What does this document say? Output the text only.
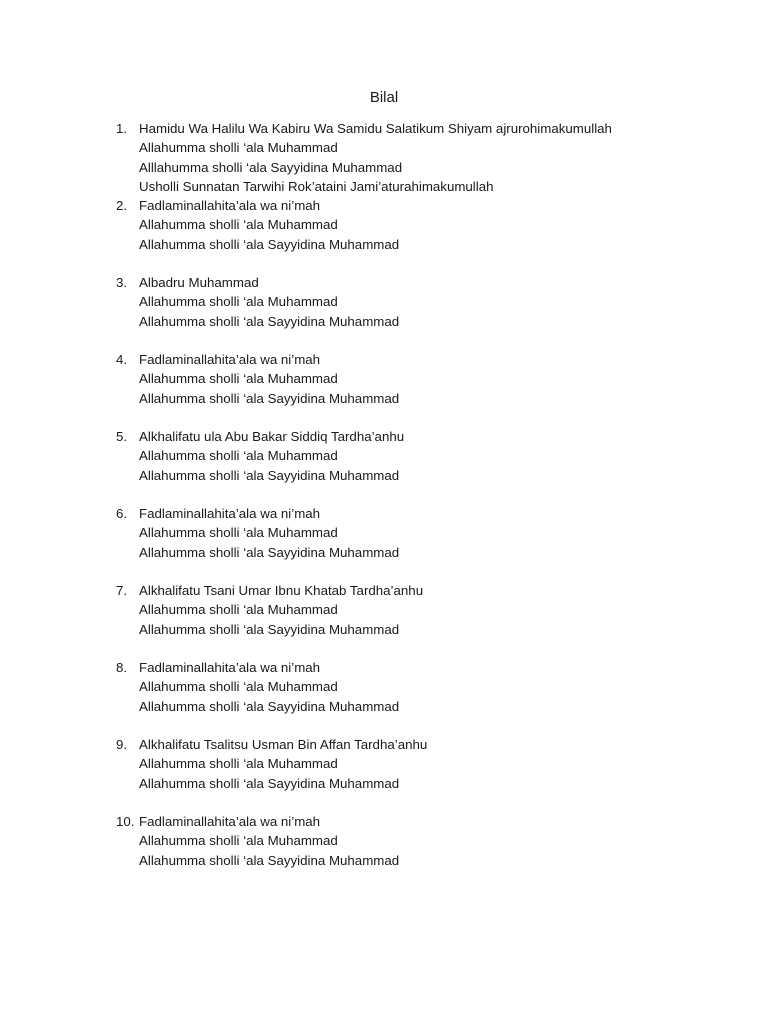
Bilal
1. Hamidu Wa Halilu Wa Kabiru Wa Samidu Salatikum Shiyam ajrurohimakumullah
Allahumma sholli ‘ala Muhammad
Alllahumma sholli ‘ala Sayyidina Muhammad
Usholli Sunnatan Tarwihi Rok’ataini Jami’aturahimakumullah
2. Fadlaminallahita’ala wa ni’mah
Allahumma sholli ‘ala Muhammad
Allahumma sholli ‘ala Sayyidina Muhammad
3. Albadru Muhammad
Allahumma sholli ‘ala Muhammad
Allahumma sholli ‘ala Sayyidina Muhammad
4. Fadlaminallahita’ala wa ni’mah
Allahumma sholli ‘ala Muhammad
Allahumma sholli ‘ala Sayyidina Muhammad
5. Alkhalifatu ula Abu Bakar Siddiq Tardha’anhu
Allahumma sholli ‘ala Muhammad
Allahumma sholli ‘ala Sayyidina Muhammad
6. Fadlaminallahita’ala wa ni’mah
Allahumma sholli ‘ala Muhammad
Allahumma sholli ‘ala Sayyidina Muhammad
7. Alkhalifatu Tsani Umar Ibnu Khatab Tardha’anhu
Allahumma sholli ‘ala Muhammad
Allahumma sholli ‘ala Sayyidina Muhammad
8. Fadlaminallahita’ala wa ni’mah
Allahumma sholli ‘ala Muhammad
Allahumma sholli ‘ala Sayyidina Muhammad
9. Alkhalifatu Tsalitsu Usman Bin Affan Tardha’anhu
Allahumma sholli ‘ala Muhammad
Allahumma sholli ‘ala Sayyidina Muhammad
10. Fadlaminallahita’ala wa ni’mah
Allahumma sholli ‘ala Muhammad
Allahumma sholli ‘ala Sayyidina Muhammad
